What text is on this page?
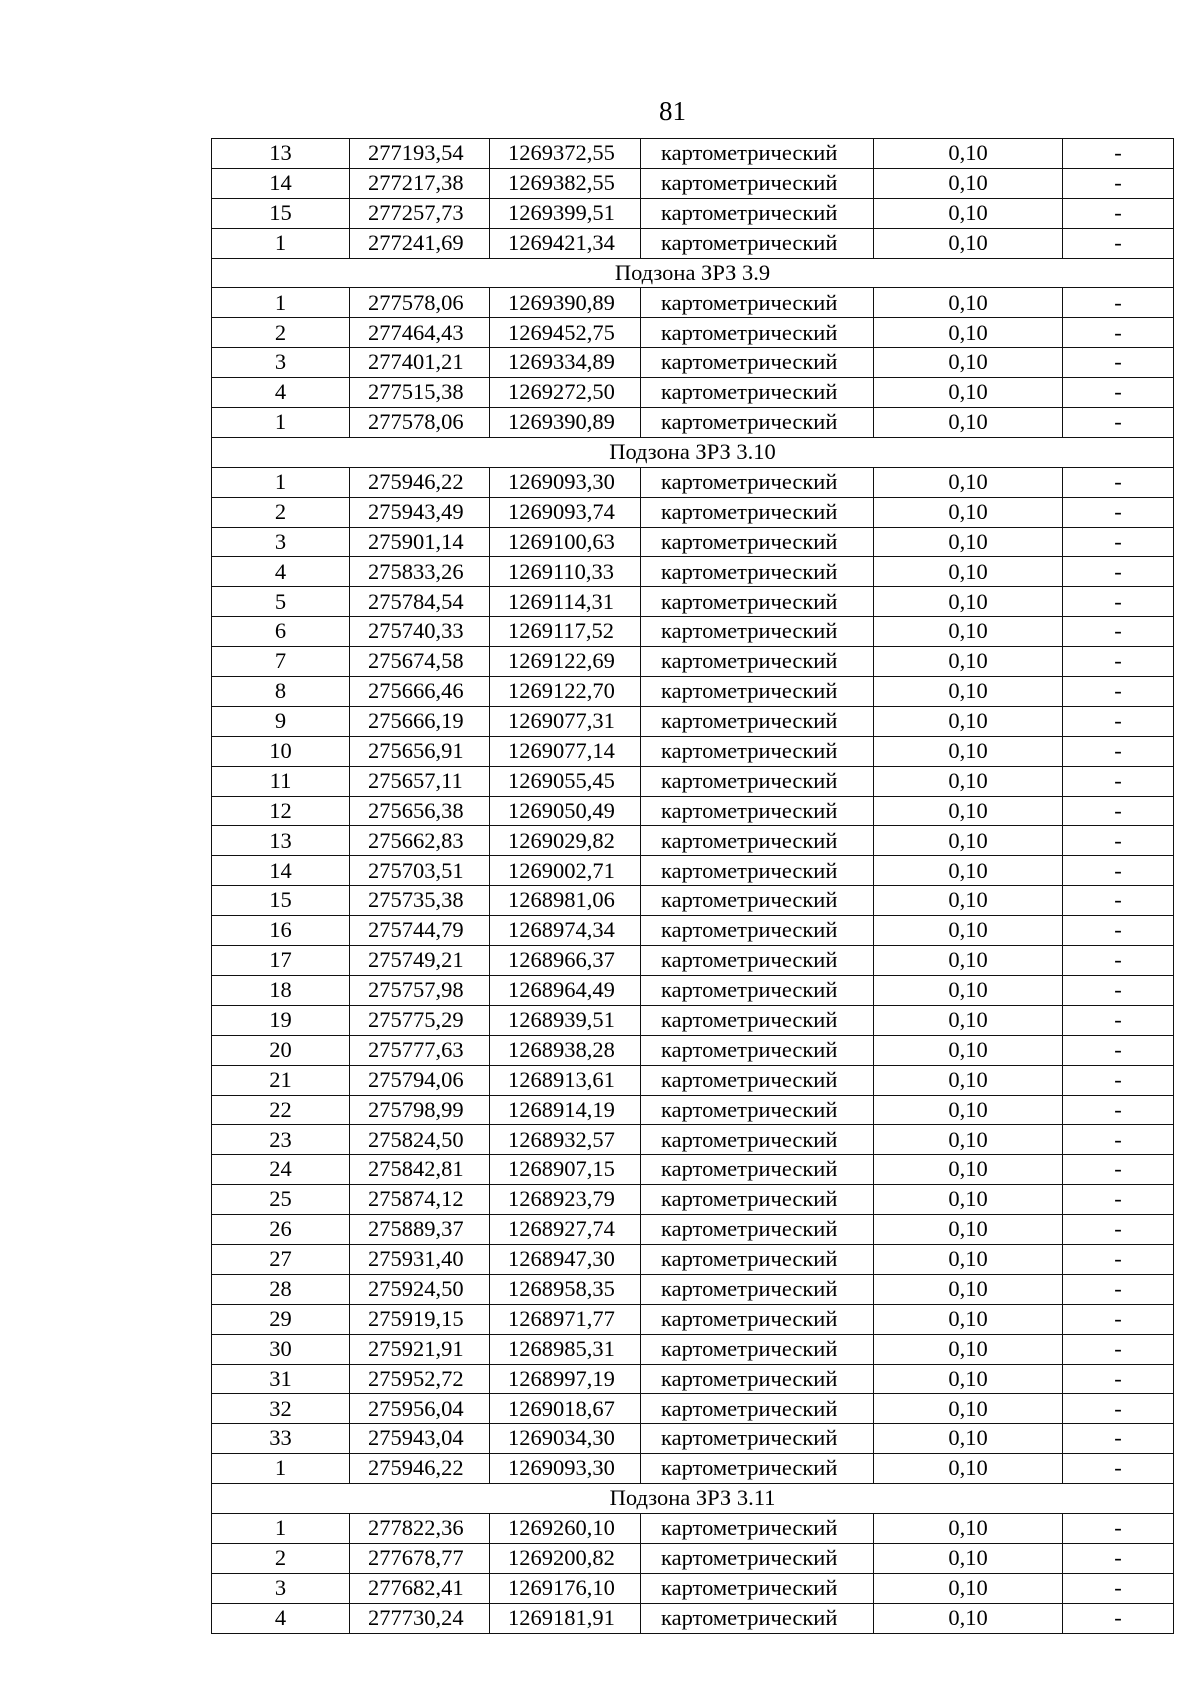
81
13	277193,54	1269372,55	картометрический	0,10	-
14	277217,38	1269382,55	картометрический	0,10	-
15	277257,73	1269399,51	картометрический	0,10	-
1	277241,69	1269421,34	картометрический	0,10	-
Подзона ЗРЗ 3.9					
1	277578,06	1269390,89	картометрический	0,10	-
2	277464,43	1269452,75	картометрический	0,10	-
3	277401,21	1269334,89	картометрический	0,10	-
4	277515,38	1269272,50	картометрический	0,10	-
1	277578,06	1269390,89	картометрический	0,10	-
Подзона ЗРЗ 3.10					
1	275946,22	1269093,30	картометрический	0,10	-
2	275943,49	1269093,74	картометрический	0,10	-
3	275901,14	1269100,63	картометрический	0,10	-
4	275833,26	1269110,33	картометрический	0,10	-
5	275784,54	1269114,31	картометрический	0,10	-
6	275740,33	1269117,52	картометрический	0,10	-
7	275674,58	1269122,69	картометрический	0,10	-
8	275666,46	1269122,70	картометрический	0,10	-
9	275666,19	1269077,31	картометрический	0,10	-
10	275656,91	1269077,14	картометрический	0,10	-
11	275657,11	1269055,45	картометрический	0,10	-
12	275656,38	1269050,49	картометрический	0,10	-
13	275662,83	1269029,82	картометрический	0,10	-
14	275703,51	1269002,71	картометрический	0,10	-
15	275735,38	1268981,06	картометрический	0,10	-
16	275744,79	1268974,34	картометрический	0,10	-
17	275749,21	1268966,37	картометрический	0,10	-
18	275757,98	1268964,49	картометрический	0,10	-
19	275775,29	1268939,51	картометрический	0,10	-
20	275777,63	1268938,28	картометрический	0,10	-
21	275794,06	1268913,61	картометрический	0,10	-
22	275798,99	1268914,19	картометрический	0,10	-
23	275824,50	1268932,57	картометрический	0,10	-
24	275842,81	1268907,15	картометрический	0,10	-
25	275874,12	1268923,79	картометрический	0,10	-
26	275889,37	1268927,74	картометрический	0,10	-
27	275931,40	1268947,30	картометрический	0,10	-
28	275924,50	1268958,35	картометрический	0,10	-
29	275919,15	1268971,77	картометрический	0,10	-
30	275921,91	1268985,31	картометрический	0,10	-
31	275952,72	1268997,19	картометрический	0,10	-
32	275956,04	1269018,67	картометрический	0,10	-
33	275943,04	1269034,30	картометрический	0,10	-
1	275946,22	1269093,30	картометрический	0,10	-
Подзона ЗРЗ 3.11					
1	277822,36	1269260,10	картометрический	0,10	-
2	277678,77	1269200,82	картометрический	0,10	-
3	277682,41	1269176,10	картометрический	0,10	-
4	277730,24	1269181,91	картометрический	0,10	-
